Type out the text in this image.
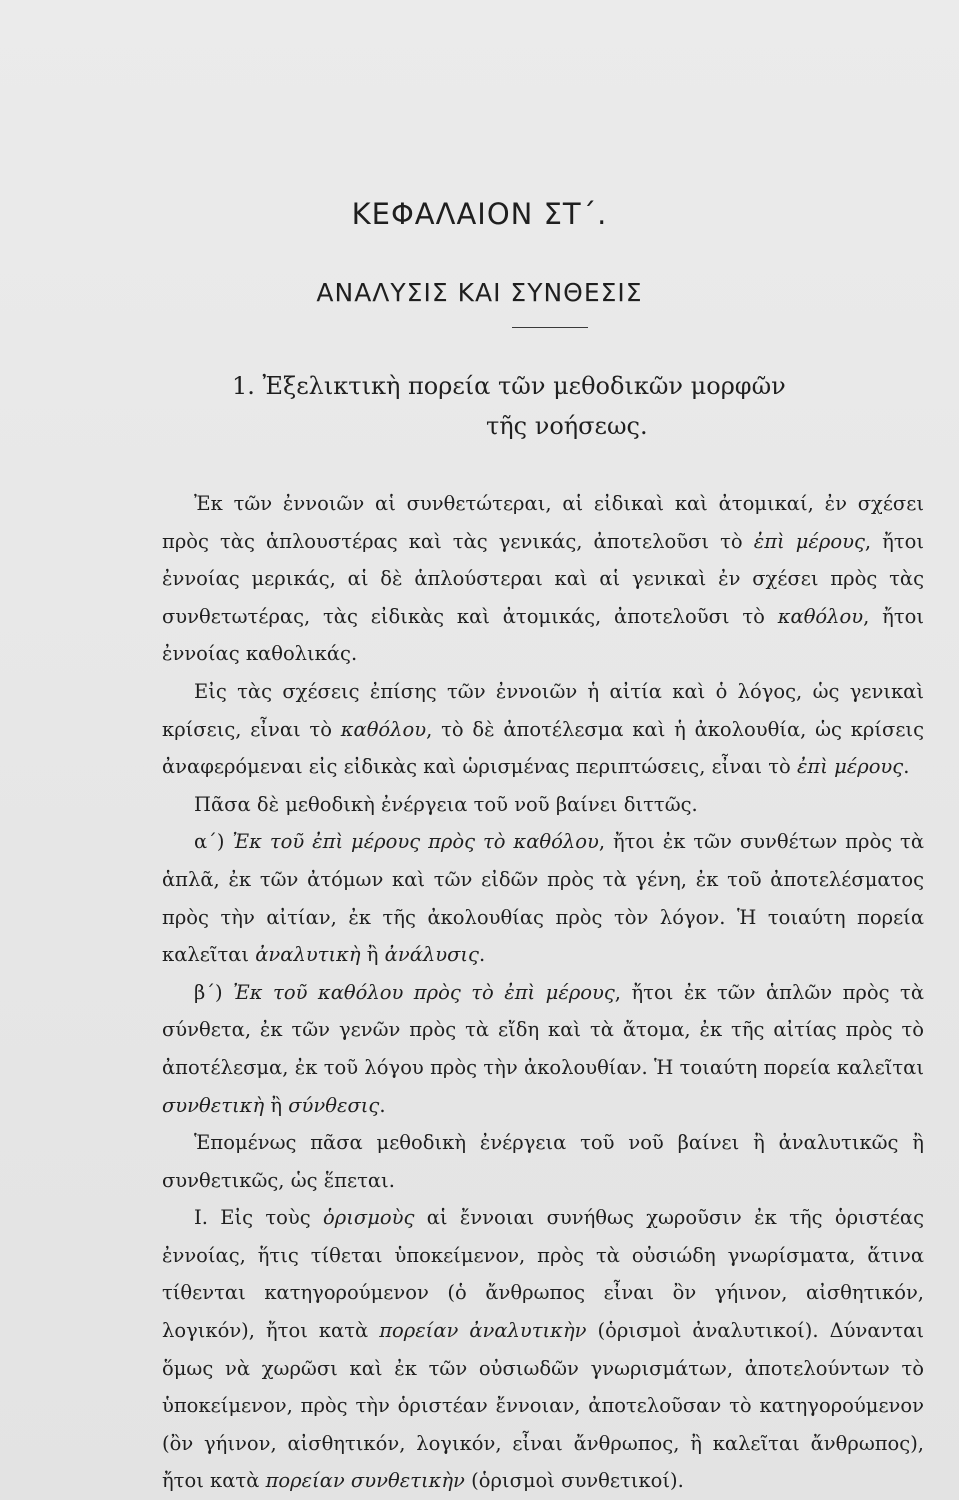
ΚΕΦΑΛΑΙΟΝ ΣΤ΄.
ΑΝΑΛΥΣΙΣ ΚΑΙ ΣΥΝΘΕΣΙΣ
1. Ἐξελικτικὴ πορεία τῶν μεθοδικῶν μορφῶν
τῆς νοήσεως.

Ἐκ τῶν ἐννοιῶν αἱ συνθετώτεραι, αἱ εἰδικαὶ καὶ ἀτομικαί, ἐν σχέσει πρὸς τὰς ἁπλουστέρας καὶ τὰς γενικάς, ἀποτελοῦσι τὸ ἐπὶ μέρους, ἤτοι ἐννοίας μερικάς, αἱ δὲ ἁπλούστεραι καὶ αἱ γενικαὶ ἐν σχέσει πρὸς τὰς συνθετωτέρας, τὰς εἰδικὰς καὶ ἀτομικάς, ἀποτελοῦσι τὸ καθόλου, ἤτοι ἐννοίας καθολικάς.

Εἰς τὰς σχέσεις ἐπίσης τῶν ἐννοιῶν ἡ αἰτία καὶ ὁ λόγος, ὡς γενικαὶ κρίσεις, εἶναι τὸ καθόλου, τὸ δὲ ἀποτέλεσμα καὶ ἡ ἀκολουθία, ὡς κρίσεις ἀναφερόμεναι εἰς εἰδικὰς καὶ ὡρισμένας περιπτώσεις, εἶναι τὸ ἐπὶ μέρους.

Πᾶσα δὲ μεθοδικὴ ἐνέργεια τοῦ νοῦ βαίνει διττῶς.

α΄) Ἐκ τοῦ ἐπὶ μέρους πρὸς τὸ καθόλου, ἤτοι ἐκ τῶν συνθέτων πρὸς τὰ ἁπλᾶ, ἐκ τῶν ἀτόμων καὶ τῶν εἰδῶν πρὸς τὰ γένη, ἐκ τοῦ ἀποτελέσματος πρὸς τὴν αἰτίαν, ἐκ τῆς ἀκολουθίας πρὸς τὸν λόγον. Ἡ τοιαύτη πορεία καλεῖται ἀναλυτικὴ ἢ ἀνάλυσις.

β΄) Ἐκ τοῦ καθόλου πρὸς τὸ ἐπὶ μέρους, ἤτοι ἐκ τῶν ἁπλῶν πρὸς τὰ σύνθετα, ἐκ τῶν γενῶν πρὸς τὰ εἴδη καὶ τὰ ἄτομα, ἐκ τῆς αἰτίας πρὸς τὸ ἀποτέλεσμα, ἐκ τοῦ λόγου πρὸς τὴν ἀκολουθίαν. Ἡ τοιαύτη πορεία καλεῖται συνθετικὴ ἢ σύνθεσις.

Ἑπομένως πᾶσα μεθοδικὴ ἐνέργεια τοῦ νοῦ βαίνει ἢ ἀναλυτικῶς ἢ συνθετικῶς, ὡς ἕπεται.

I. Εἰς τοὺς ὁρισμοὺς αἱ ἔννοιαι συνήθως χωροῦσιν ἐκ τῆς ὁριστέας ἐννοίας, ἥτις τίθεται ὑποκείμενον, πρὸς τὰ οὐσιώδη γνωρίσματα, ἅτινα τίθενται κατηγορούμενον (ὁ ἄνθρωπος εἶναι ὂν γήινον, αἰσθητικόν, λογικόν), ἤτοι κατὰ πορείαν ἀναλυτικὴν (ὁρισμοὶ ἀναλυτικοί). Δύνανται ὅμως νὰ χωρῶσι καὶ ἐκ τῶν οὐσιωδῶν γνωρισμάτων, ἀποτελούντων τὸ ὑποκείμενον, πρὸς τὴν ὁριστέαν ἔννοιαν, ἀποτελοῦσαν τὸ κατηγορούμενον (ὂν γήινον, αἰσθητικόν, λογικόν, εἶναι ἄνθρωπος, ἢ καλεῖται ἄνθρωπος), ἤτοι κατὰ πορείαν συνθετικὴν (ὁρισμοὶ συνθετικοί).
